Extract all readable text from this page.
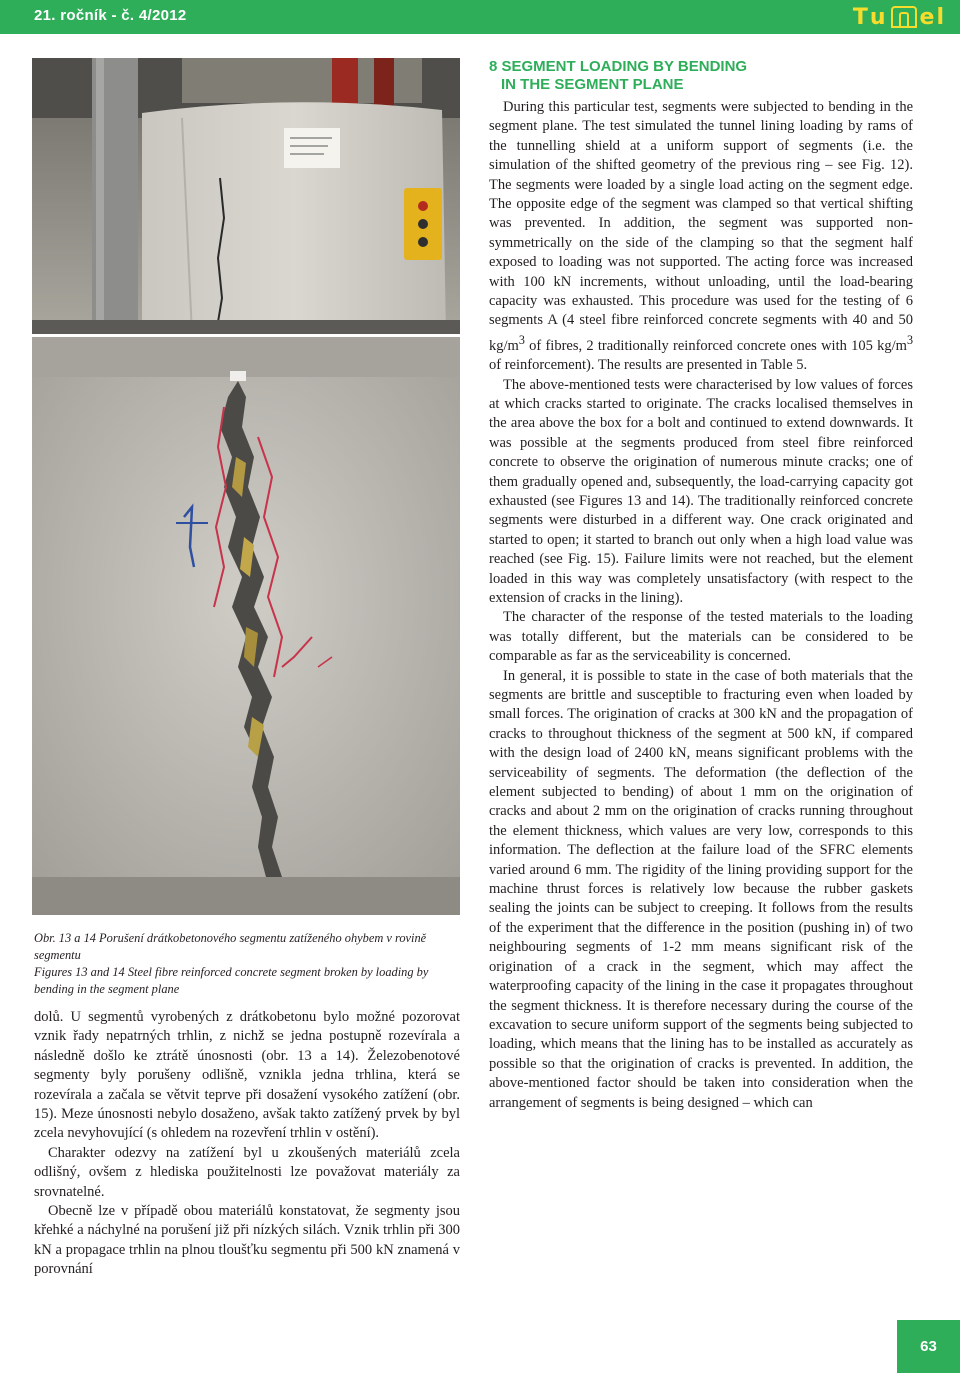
21. ročník - č. 4/2012	T u e l

Obr. 13 a 14 Porušení drátkobetonového segmentu zatíženého ohybem v rovině segmentu

Figures 13 and 14 Steel fibre reinforced concrete segment broken by loading by bending in the segment plane

dolů. U segmentů vyrobených z drátkobetonu bylo možné pozorovat vznik řady nepatrných trhlin, z nichž se jedna postupně rozevírala a následně došlo ke ztrátě únosnosti (obr. 13 a 14). Železobenotové segmenty byly porušeny odlišně, vznikla jedna trhlina, která se rozevírala a začala se větvit teprve při dosažení vysokého zatížení (obr. 15). Meze únosnosti nebylo dosaženo, avšak takto zatížený prvek by byl zcela nevyhovující (s ohledem na rozevření trhlin v ostění).

Charakter odezvy na zatížení byl u zkoušených materiálů zcela odlišný, ovšem z hlediska použitelnosti lze považovat materiály za srovnatelné.

Obecně lze v případě obou materiálů konstatovat, že segmenty jsou křehké a náchylné na porušení již při nízkých silách. Vznik trhlin při 300 kN a propagace trhlin na plnou tloušťku segmentu při 500 kN znamená v porovnání

8 SEGMENT LOADING BY BENDING
IN THE SEGMENT PLANE

During this particular test, segments were subjected to bending in the segment plane. The test simulated the tunnel lining loading by rams of the tunnelling shield at a uniform support of segments (i.e. the simulation of the shifted geometry of the previous ring – see Fig. 12). The segments were loaded by a single load acting on the segment edge. The opposite edge of the segment was clamped so that vertical shifting was prevented. In addition, the segment was supported non-symmetrically on the side of the clamping so that the segment half exposed to loading was not supported. The acting force was increased with 100 kN increments, without unloading, until the load-bearing capacity was exhausted. This procedure was used for the testing of 6 segments A (4 steel fibre reinforced concrete segments with 40 and 50 $kg/m^3$ of fibres, 2 traditionally reinforced concrete ones with 105 $kg/m^3$ of reinforcement). The results are presented in Table 5.

The above-mentioned tests were characterised by low values of forces at which cracks started to originate. The cracks localised themselves in the area above the box for a bolt and continued to extend downwards. It was possible at the segments produced from steel fibre reinforced concrete to observe the origination of numerous minute cracks; one of them gradually opened and, subsequently, the load-carrying capacity got exhausted (see Figures 13 and 14). The traditionally reinforced concrete segments were disturbed in a different way. One crack originated and started to open; it started to branch out only when a high load value was reached (see Fig. 15). Failure limits were not reached, but the element loaded in this way was completely unsatisfactory (with respect to the extension of cracks in the lining).

The character of the response of the tested materials to the loading was totally different, but the materials can be considered to be comparable as far as the serviceability is concerned.

In general, it is possible to state in the case of both materials that the segments are brittle and susceptible to fracturing even when loaded by small forces. The origination of cracks at 300 kN and the propagation of cracks to throughout thickness of the segment at 500 kN, if compared with the design load of 2400 kN, means significant problems with the serviceability of segments. The deformation (the deflection of the element subjected to bending) of about 1 mm on the origination of cracks and about 2 mm on the origination of cracks running throughout the element thickness, which values are very low, corresponds to this information. The deflection at the failure load of the SFRC elements varied around 6 mm. The rigidity of the lining providing support for the machine thrust forces is relatively low because the rubber gaskets sealing the joints can be subject to creeping. It follows from the results of the experiment that the difference in the position (pushing in) of two neighbouring segments of 1-2 mm means significant risk of the origination of a crack in the segment, which may affect the waterproofing capacity of the lining in the case it propagates throughout the segment thickness. It is therefore necessary during the course of the excavation to secure uniform support of the segments being subjected to loading, which means that the lining has to be installed as accurately as possible so that the origination of cracks is prevented. In addition, the above-mentioned factor should be taken into consideration when the arrangement of segments is being designed – which can

63
